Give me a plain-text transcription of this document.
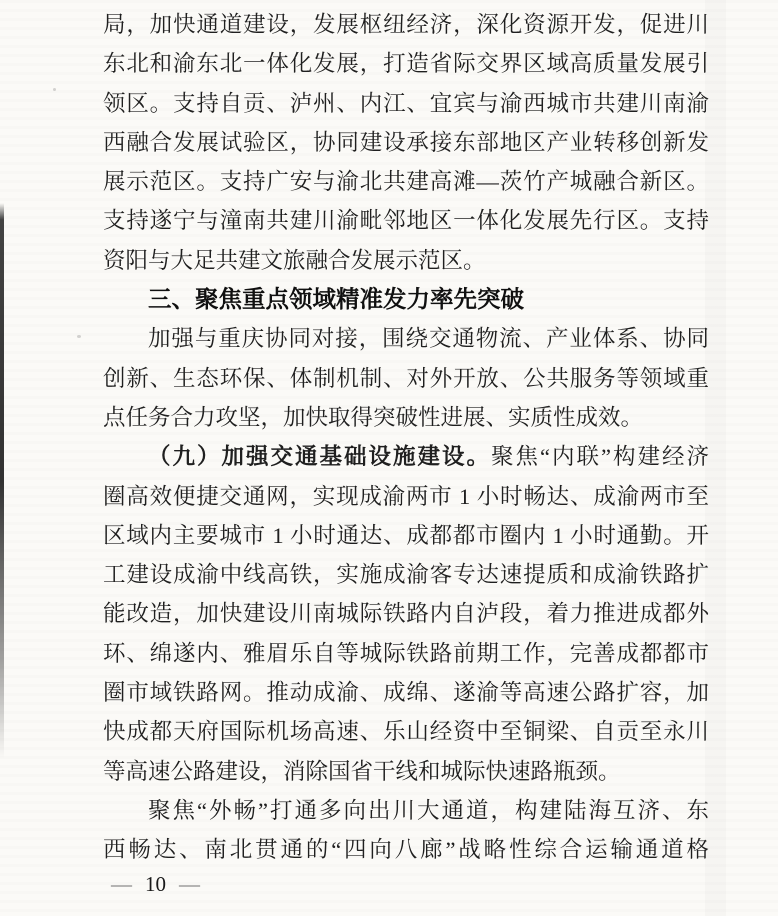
局，加快通道建设，发展枢纽经济，深化资源开发，促进川
东北和渝东北一体化发展，打造省际交界区域高质量发展引
领区。支持自贡、泸州、内江、宜宾与渝西城市共建川南渝
西融合发展试验区，协同建设承接东部地区产业转移创新发
展示范区。支持广安与渝北共建高滩—茨竹产城融合新区。
支持遂宁与潼南共建川渝毗邻地区一体化发展先行区。支持
资阳与大足共建文旅融合发展示范区。
三、聚焦重点领域精准发力率先突破
加强与重庆协同对接，围绕交通物流、产业体系、协同
创新、生态环保、体制机制、对外开放、公共服务等领域重
点任务合力攻坚，加快取得突破性进展、实质性成效。
（九）加强交通基础设施建设。聚焦“内联”构建经济
圈高效便捷交通网，实现成渝两市 1 小时畅达、成渝两市至
区域内主要城市 1 小时通达、成都都市圈内 1 小时通勤。开
工建设成渝中线高铁，实施成渝客专达速提质和成渝铁路扩
能改造，加快建设川南城际铁路内自泸段，着力推进成都外
环、绵遂内、雅眉乐自等城际铁路前期工作，完善成都都市
圈市域铁路网。推动成渝、成绵、遂渝等高速公路扩容，加
快成都天府国际机场高速、乐山经资中至铜梁、自贡至永川
等高速公路建设，消除国省干线和城际快速路瓶颈。
聚焦“外畅”打通多向出川大通道，构建陆海互济、东
西畅达、南北贯通的“四向八廊”战略性综合运输通道格
— 10 —
